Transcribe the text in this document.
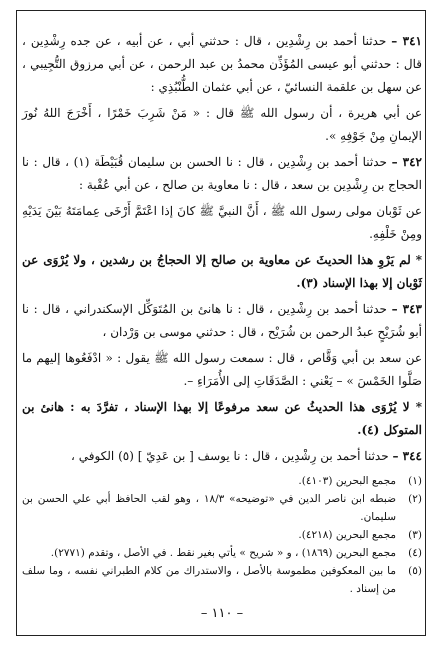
٣٤١ – حدثنا أحمد بن رِشْدِين ، قال : حدثني أبي ، عن أبيه ، عن جده رِشْدِين ، قال : حدثني أبو عيسى المُؤَذِّن محمدُ بن عبد الرحمن ، عن أبي مرزوق التُّجِيبي ، عن سهل بن علقمة النسائيّ ، عن أبي عثمان الطُّنْبُذِي :

عن أبي هريرة ، أن رسول الله ﷺ قال : « مَنْ شَرِبَ خَمْرًا ، أَخْرَجَ اللهُ نُورَ الإيمانِ مِنْ جَوْفِهِ ».

٣٤٢ – حدثنا أحمد بن رِشْدِين ، قال : نا الحسن بن سليمان قُبَيْطَة (١) ، قال : نا الحجاج بن رِشْدِين بن سعد ، قال : نا معاوية بن صالح ، عن أبي عُقْبة :

عن ثَوْبان مولى رسول الله ﷺ ، أَنَّ النبيَّ ﷺ كانَ إذا اعْتَمَّ أَرْخَى عِمامَتَهُ بَيْنَ يَدَيْهِ ومِنْ خَلْفِهِ.

* لم يَرْوِ هذا الحديثَ عن معاوية بن صالح إلا الحجاجُ بن رشدين ، ولا يُرْوَى عن ثَوْبان إلا بهذا الإسناد (٣).

٣٤٣ – حدثنا أحمد بن رِشْدِين ، قال : نا هانئ بن المُتَوَكِّل الإسكندراني ، قال : نا أبو شُرَيْحٍ عبدُ الرحمن بن شُرَيْح ، قال : حدثني موسى بن وَرْدان ،

عن سعد بن أبي وَقَّاص ، قال : سمعت رسول الله ﷺ يقول : « ادْفَعُوها إليهم ما صَلَّوا الخَمْسَ » – يَعْني : الصَّدَقَاتِ إلى الأُمَرَاءِ –.

* لا يُرْوَى هذا الحديثُ عن سعد مرفوعًا إلا بهذا الإسناد ، تفرَّدَ به : هانئ بن المتوكل (٤).

٣٤٤ – حدثنا أحمد بن رِشْدِين ، قال : نا يوسف [ بن عَدِيّ ] (٥) الكوفي ،

(١)
مجمع البحرين (٤١٠٣).
(٢)
ضبطه ابن ناصر الدين في «توضيحه» ١٨/٣ ، وهو لقب الحافظ أبي علي الحسن بن سليمان.
(٣)
مجمع البحرين (٤٢١٨).
(٤)
مجمع البحرين (١٨٦٩) ، و « شريح » يأتي بغير نقط . في الأصل ، وتقدم (٢٧٧١).
(٥)
ما بين المعكوفين مطموسة بالأصل ، والاستدراك من كلام الطبراني نفسه ، وما سلف من إسناد .
– ١١٠ –
